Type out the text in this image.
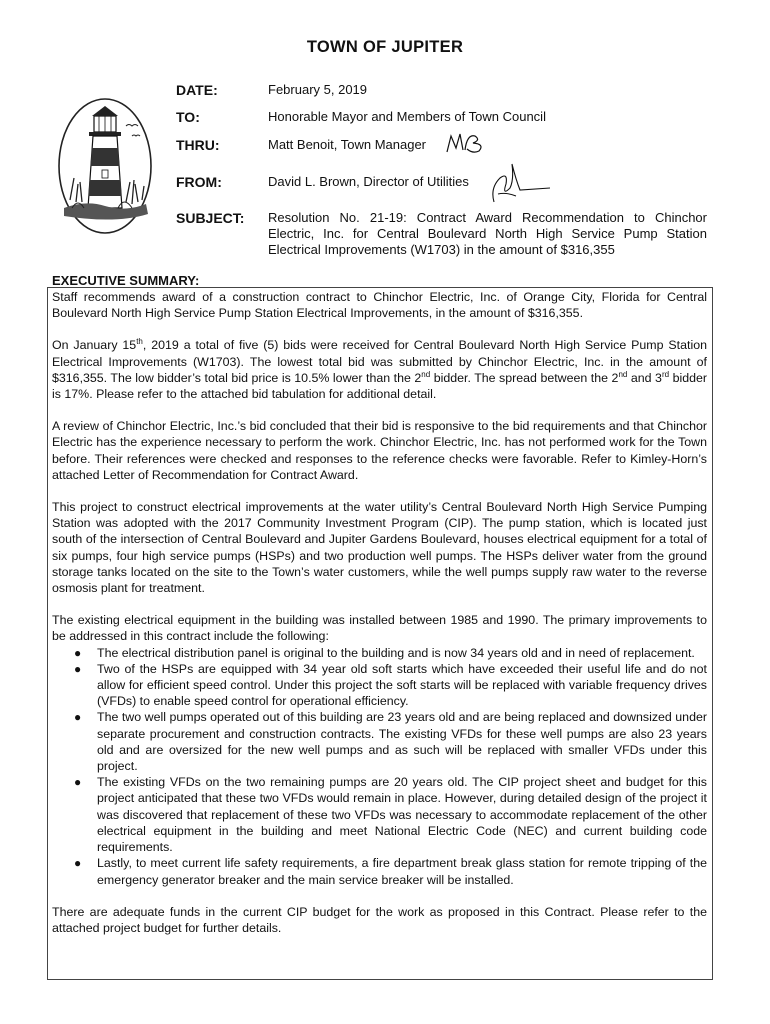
TOWN OF JUPITER
DATE:	February 5, 2019
TO:	Honorable Mayor and Members of Town Council
THRU:	Matt Benoit, Town Manager
FROM:	David L. Brown, Director of Utilities
SUBJECT: Resolution No. 21-19: Contract Award Recommendation to Chinchor Electric, Inc. for Central Boulevard North High Service Pump Station Electrical Improvements (W1703) in the amount of $316,355
EXECUTIVE SUMMARY:

Staff recommends award of a construction contract to Chinchor Electric, Inc. of Orange City, Florida for Central Boulevard North High Service Pump Station Electrical Improvements, in the amount of $316,355.

On January 15th, 2019 a total of five (5) bids were received for Central Boulevard North High Service Pump Station Electrical Improvements (W1703). The lowest total bid was submitted by Chinchor Electric, Inc. in the amount of $316,355. The low bidder’s total bid price is 10.5% lower than the 2nd bidder. The spread between the 2nd and 3rd bidder is 17%. Please refer to the attached bid tabulation for additional detail.

A review of Chinchor Electric, Inc.’s bid concluded that their bid is responsive to the bid requirements and that Chinchor Electric has the experience necessary to perform the work. Chinchor Electric, Inc. has not performed work for the Town before. Their references were checked and responses to the reference checks were favorable. Refer to Kimley-Horn’s attached Letter of Recommendation for Contract Award.

This project to construct electrical improvements at the water utility’s Central Boulevard North High Service Pumping Station was adopted with the 2017 Community Investment Program (CIP). The pump station, which is located just south of the intersection of Central Boulevard and Jupiter Gardens Boulevard, houses electrical equipment for a total of six pumps, four high service pumps (HSPs) and two production well pumps. The HSPs deliver water from the ground storage tanks located on the site to the Town’s water customers, while the well pumps supply raw water to the reverse osmosis plant for treatment.

The existing electrical equipment in the building was installed between 1985 and 1990. The primary improvements to be addressed in this contract include the following:

● The electrical distribution panel is original to the building and is now 34 years old and in need of replacement.
● Two of the HSPs are equipped with 34 year old soft starts which have exceeded their useful life and do not allow for efficient speed control. Under this project the soft starts will be replaced with variable frequency drives (VFDs) to enable speed control for operational efficiency.
● The two well pumps operated out of this building are 23 years old and are being replaced and downsized under separate procurement and construction contracts. The existing VFDs for these well pumps are also 23 years old and are oversized for the new well pumps and as such will be replaced with smaller VFDs under this project.
● The existing VFDs on the two remaining pumps are 20 years old. The CIP project sheet and budget for this project anticipated that these two VFDs would remain in place. However, during detailed design of the project it was discovered that replacement of these two VFDs was necessary to accommodate replacement of the other electrical equipment in the building and meet National Electric Code (NEC) and current building code requirements.
● Lastly, to meet current life safety requirements, a fire department break glass station for remote tripping of the emergency generator breaker and the main service breaker will be installed.

There are adequate funds in the current CIP budget for the work as proposed in this Contract. Please refer to the attached project budget for further details.
